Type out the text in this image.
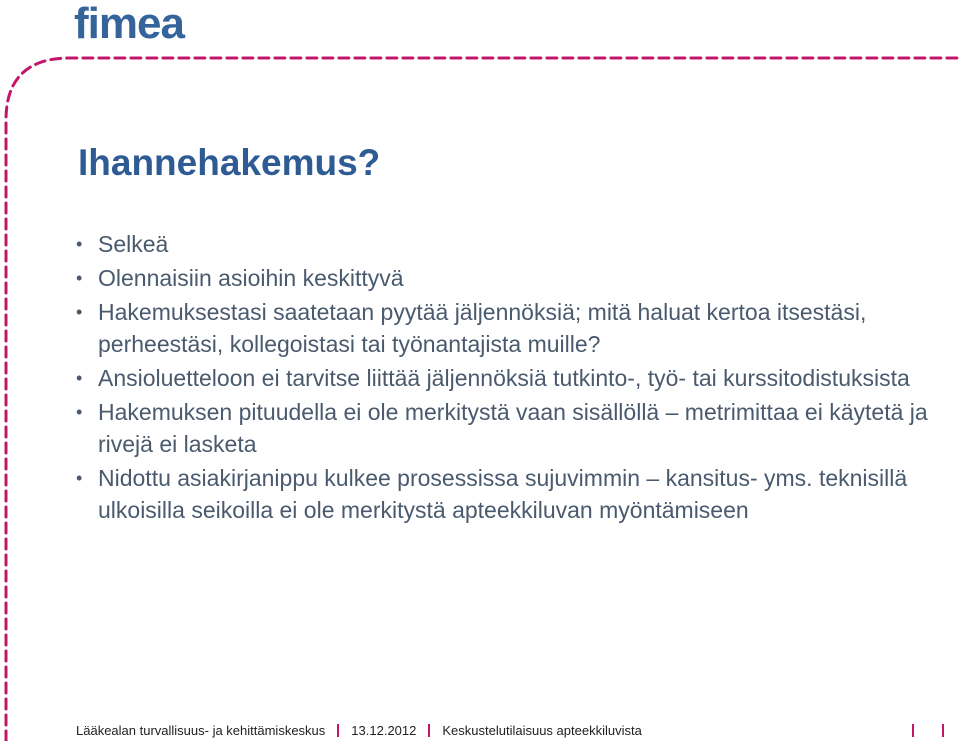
fimea
Ihannehakemus?
• Selkeä
• Olennaisiin asioihin keskittyvä
• Hakemuksestasi saatetaan pyytää jäljennöksiä; mitä haluat kertoa itsestäsi, perheestäsi, kollegoistasi tai työnantajista muille?
• Ansioluetteloon ei tarvitse liittää jäljennöksiä tutkinto-, työ- tai kurssitodistuksista
• Hakemuksen pituudella ei ole merkitystä vaan sisällöllä – metrimittaa ei käytetä ja rivejä ei lasketa
• Nidottu asiakirjanippu kulkee prosessissa sujuvimmin – kansitus- yms. teknisillä ulkoisilla seikoilla ei ole merkitystä apteekkiluvan myöntämiseen
Lääkealan turvallisuus- ja kehittämiskeskus 13.12.2012 Keskustelutilaisuus apteekkiluvista
